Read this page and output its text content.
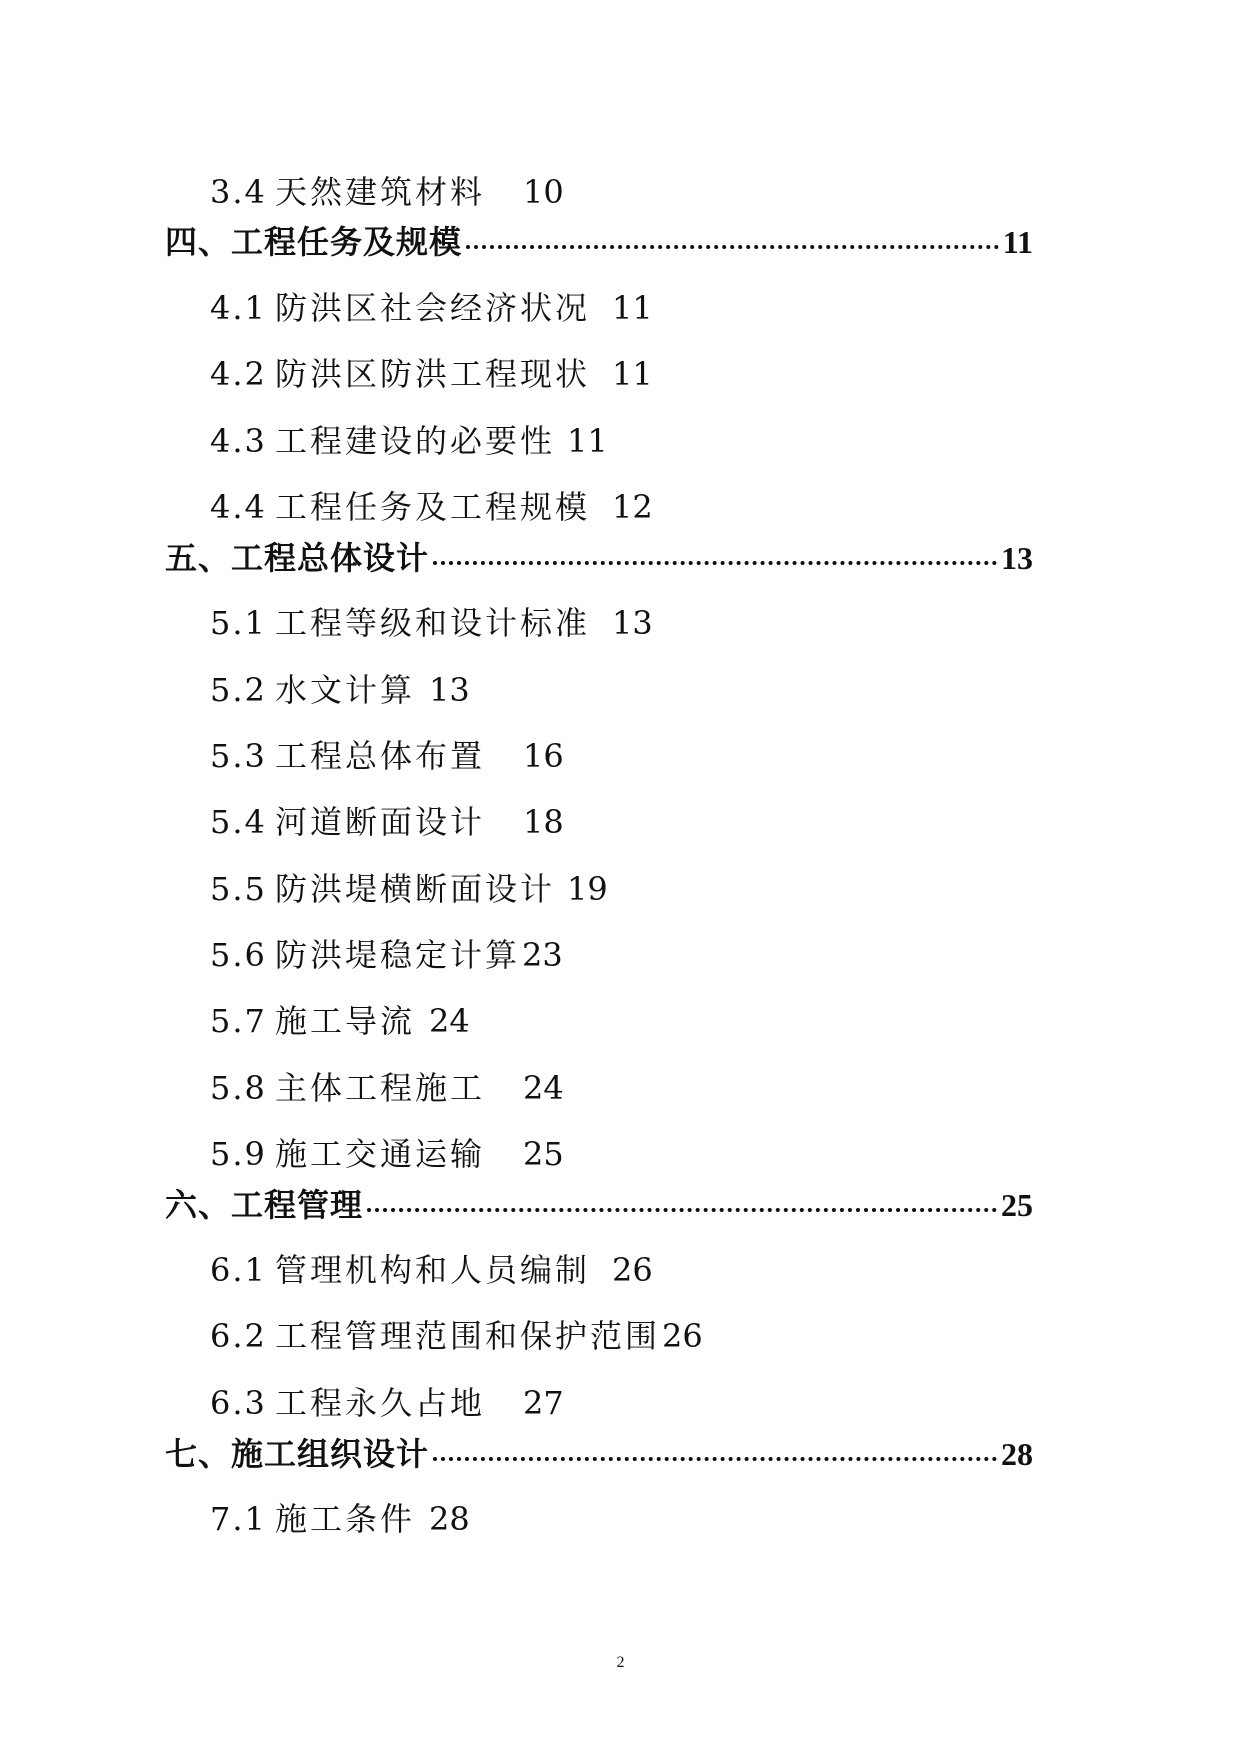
3.4 天然建筑材料 10
四、工程任务及规模	11
4.1 防洪区社会经济状况 11
4.2 防洪区防洪工程现状 11
4.3 工程建设的必要性 11
4.4 工程任务及工程规模 12
五、工程总体设计	13
5.1 工程等级和设计标准 13
5.2 水文计算 13
5.3 工程总体布置 16
5.4 河道断面设计 18
5.5 防洪堤横断面设计 19
5.6 防洪堤稳定计算23
5.7 施工导流 24
5.8 主体工程施工 24
5.9 施工交通运输 25
六、工程管理	25
6.1 管理机构和人员编制 26
6.2 工程管理范围和保护范围26
6.3 工程永久占地 27
七、施工组织设计	28
7.1 施工条件 28
2
